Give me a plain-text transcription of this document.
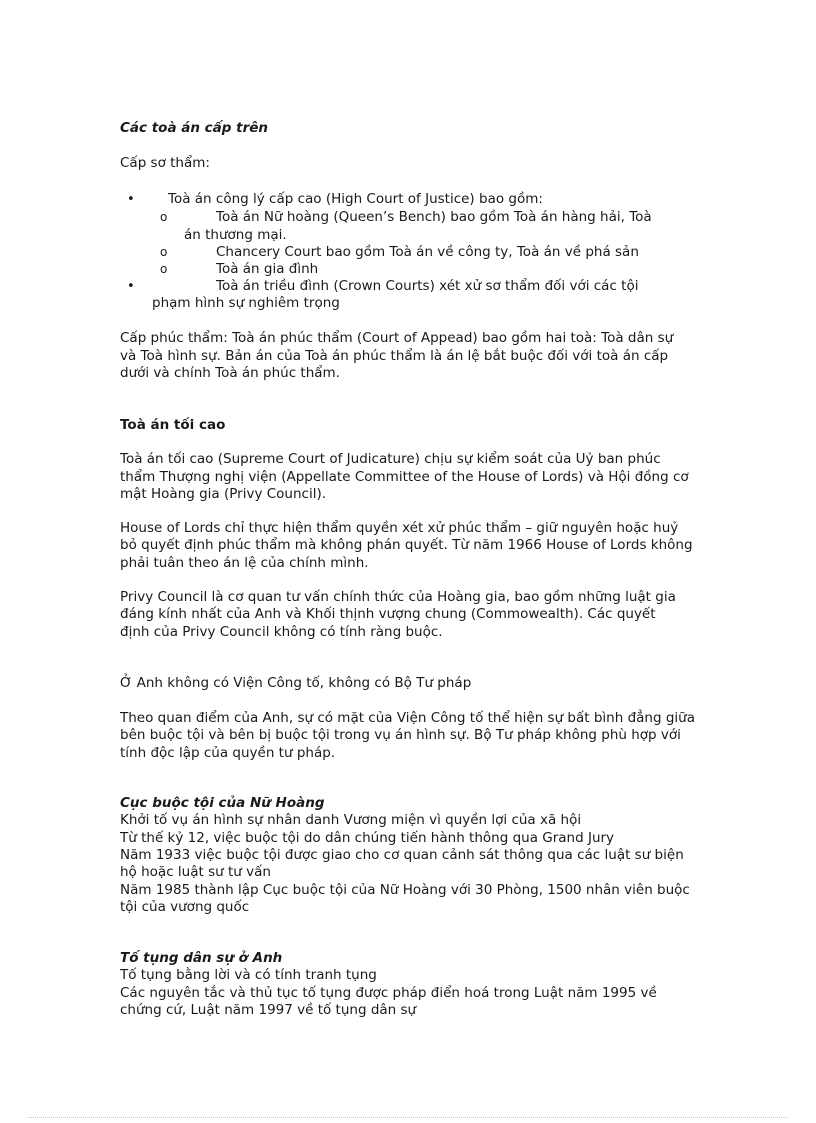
Các toà án cấp trên
Cấp sơ thẩm:
• Toà án công lý cấp cao (High Court of Justice) bao gồm:
o	Toà án Nữ hoàng (Queen’s Bench) bao gồm Toà án hàng hải, Toà
án thương mại.
o	Chancery Court bao gồm Toà án về công ty, Toà án về phá sản
o	Toà án gia đình
•	Toà án triều đình (Crown Courts) xét xử sơ thẩm đối với các tội
phạm hình sự nghiêm trọng
Cấp phúc thẩm: Toà án phúc thẩm (Court of Appead) bao gồm hai toà: Toà dân sự
và Toà hình sự. Bản án của Toà án phúc thẩm là án lệ bắt buộc đối với toà án cấp
dưới và chính Toà án phúc thẩm.
Toà án tối cao
Toà án tối cao (Supreme Court of Judicature) chịu sự kiểm soát của Uỷ ban phúc
thẩm Thượng nghị viện (Appellate Committee of the House of Lords) và Hội đồng cơ
mật Hoàng gia (Privy Council).
House of Lords chỉ thực hiện thẩm quyền xét xử phúc thẩm – giữ nguyên hoặc huỷ
bỏ quyết định phúc thẩm mà không phán quyết. Từ năm 1966 House of Lords không
phải tuân theo án lệ của chính mình.
Privy Council là cơ quan tư vấn chính thức của Hoàng gia, bao gồm những luật gia
đáng kính nhất của Anh và Khối thịnh vượng chung (Commowealth). Các quyết
định của Privy Council không có tính ràng buộc.
Ở Anh không có Viện Công tố, không có Bộ Tư pháp
Theo quan điểm của Anh, sự có mặt của Viện Công tố thể hiện sự bất bình đẳng giữa
bên buộc tội và bên bị buộc tội trong vụ án hình sự. Bộ Tư pháp không phù hợp với
tính độc lập của quyền tư pháp.
Cục buộc tội của Nữ Hoàng
Khởi tố vụ án hình sự nhân danh Vương miện vì quyền lợi của xã hội
Từ thế kỷ 12, việc buộc tội do dân chúng tiến hành thông qua Grand Jury
Năm 1933 việc buộc tội được giao cho cơ quan cảnh sát thông qua các luật sư biện
hộ hoặc luật sư tư vấn
Năm 1985 thành lập Cục buộc tội của Nữ Hoàng với 30 Phòng, 1500 nhân viên buộc
tội của vương quốc
Tố tụng dân sự ở Anh
Tố tụng bằng lời và có tính tranh tụng
Các nguyên tắc và thủ tục tố tụng được pháp điển hoá trong Luật năm 1995 về
chứng cứ, Luật năm 1997 về tố tụng dân sự
